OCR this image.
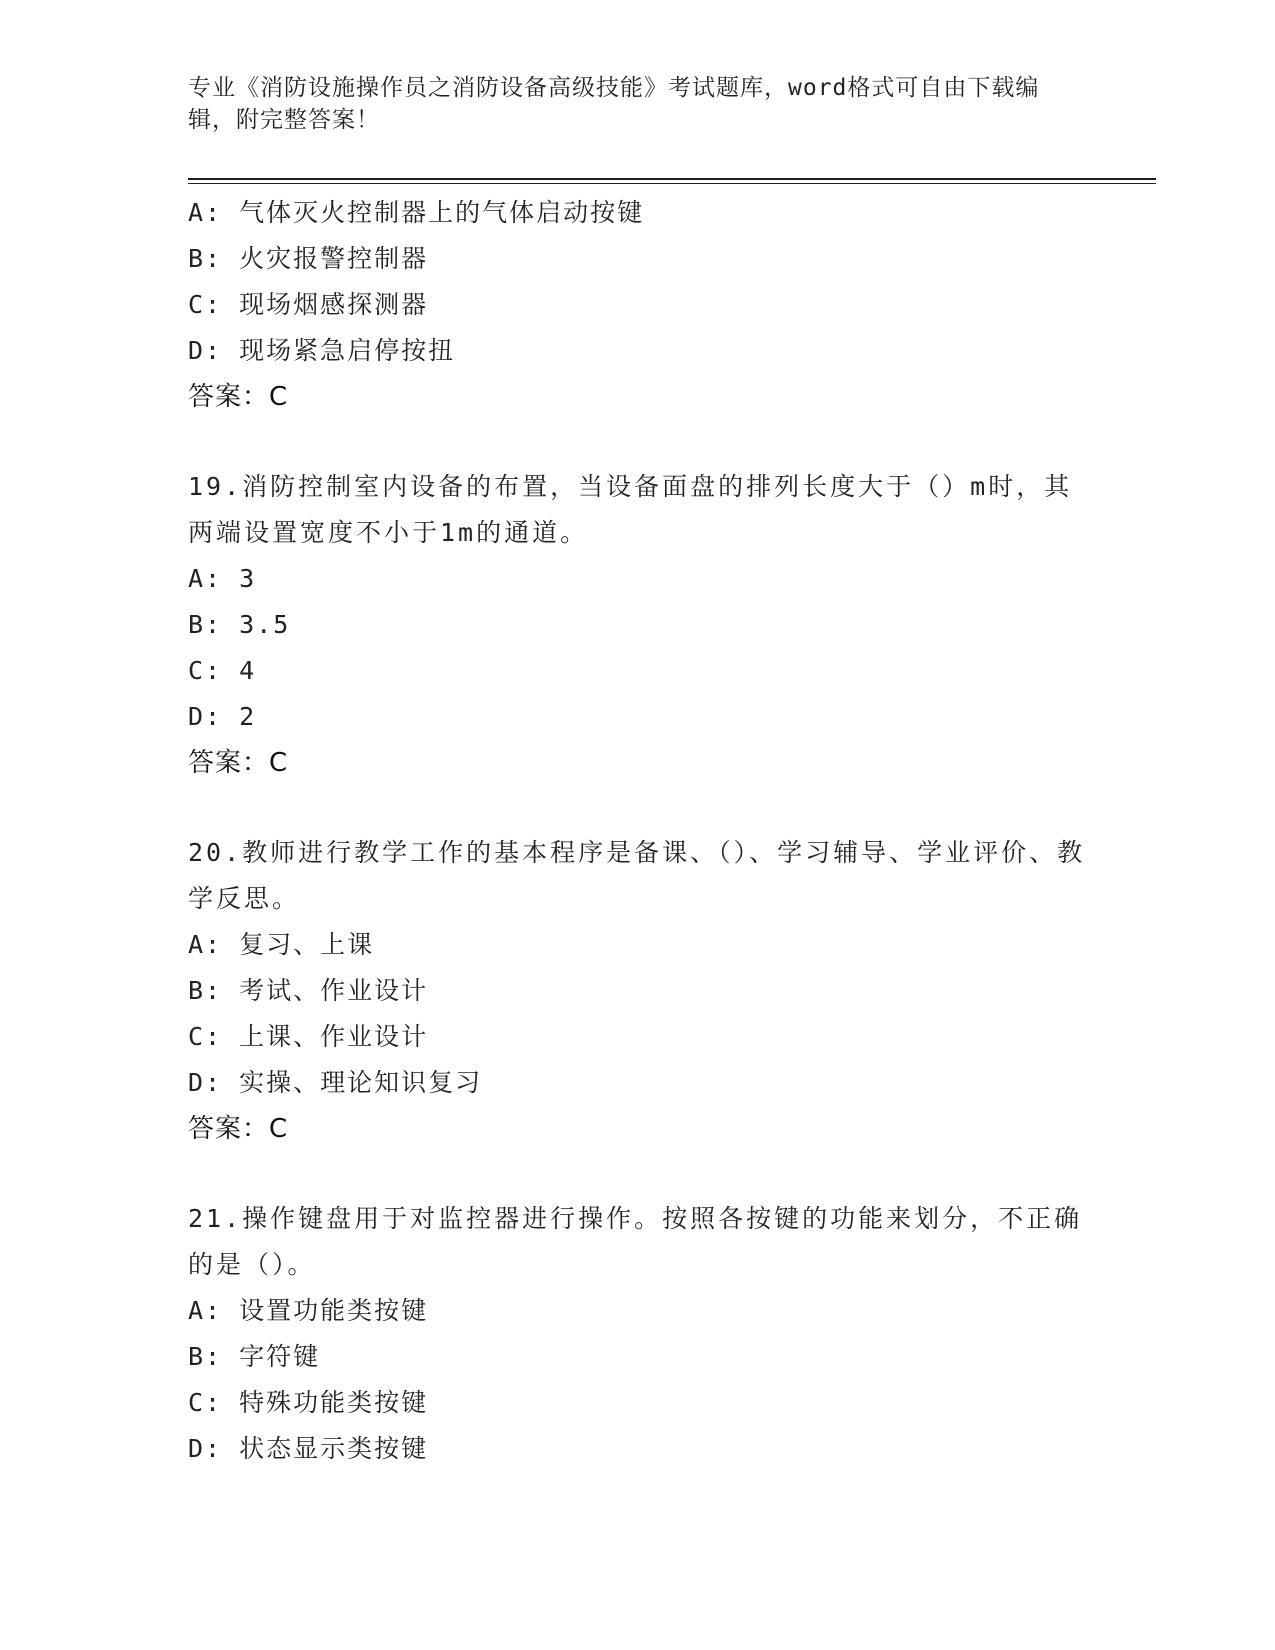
专业《消防设施操作员之消防设备高级技能》考试题库，word格式可自由下载编辑，附完整答案！

A: 气体灭火控制器上的气体启动按键

B: 火灾报警控制器

C: 现场烟感探测器

D: 现场紧急启停按扭

答案：C

19.消防控制室内设备的布置，当设备面盘的排列长度大于（）m时，其两端设置宽度不小于1m的通道。

A: 3

B: 3.5

C: 4

D: 2

答案：C

20.教师进行教学工作的基本程序是备课、（）、学习辅导、学业评价、教学反思。

A: 复习、上课

B: 考试、作业设计

C: 上课、作业设计

D: 实操、理论知识复习

答案：C

21.操作键盘用于对监控器进行操作。按照各按键的功能来划分，不正确的是（）。

A: 设置功能类按键

B: 字符键

C: 特殊功能类按键

D: 状态显示类按键
